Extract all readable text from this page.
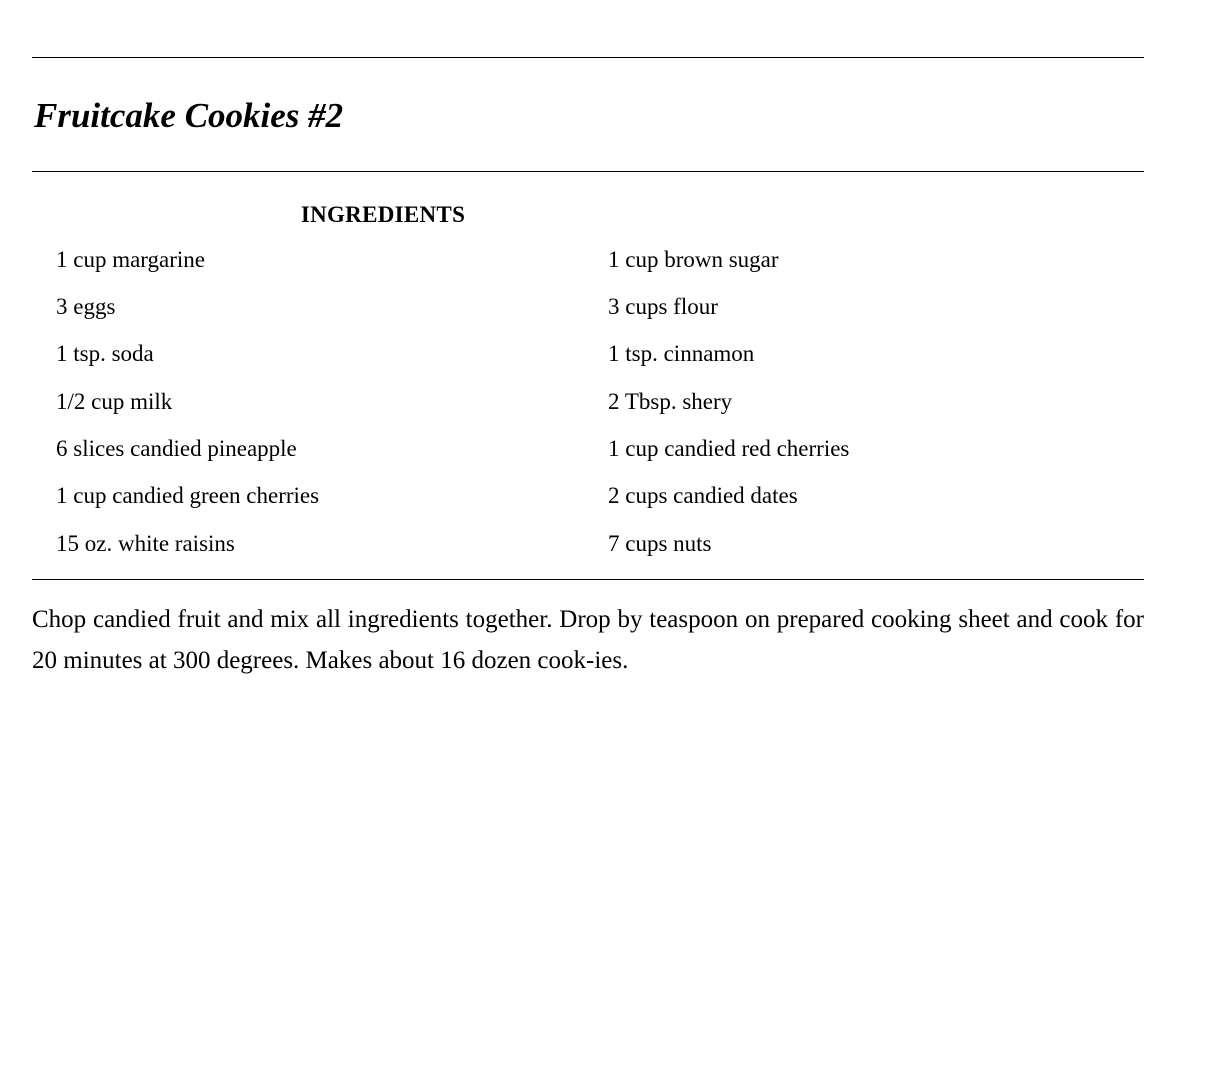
Fruitcake Cookies #2
INGREDIENTS
1 cup margarine	1 cup brown sugar
3 eggs	3 cups flour
1 tsp. soda	1 tsp. cinnamon
1/2 cup milk	2 Tbsp. shery
6 slices candied pineapple	1 cup candied red cherries
1 cup candied green cherries	2 cups candied dates
15 oz. white raisins	7 cups nuts

Chop candied fruit and mix all ingredients together. Drop by teaspoon on prepared cooking sheet and cook for 20 minutes at 300 degrees. Makes about 16 dozen cook-ies.
